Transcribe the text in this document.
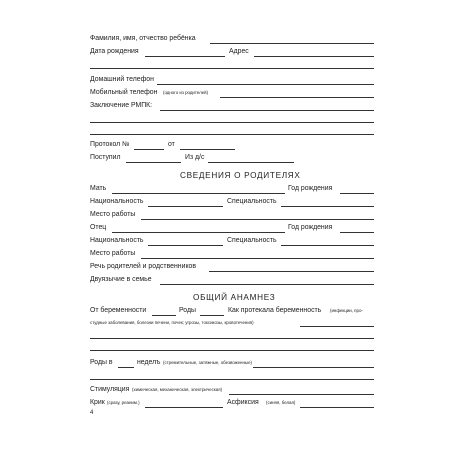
Фамилия, имя, отчество ребёнка
Дата рождения	Адрес
Домашний телефон
Мобильный телефон (одного из родителей)
Заключение РМПК:
Протокол №	от
Поступил	Из д/с
СВЕДЕНИЯ О РОДИТЕЛЯХ
Мать	Год рождения
Национальность	Специальность
Место работы
Отец	Год рождения
Национальность	Специальность
Место работы
Речь родителей и родственников
Двуязычие в семье
ОБЩИЙ АНАМНЕЗ
От беременности	Роды	Как протекала беременность (инфекции, про-
студные заболевания, болезни печени, почек; угрозы, токсикозы, кровотечения)
Роды в	неделъ (стремительные, затяжные, обезвоженные)
Стимуляция (химическая, механическая, электрическая)
Крик (сразу, реаним.)	Асфиксия (синяя, белая)
4
